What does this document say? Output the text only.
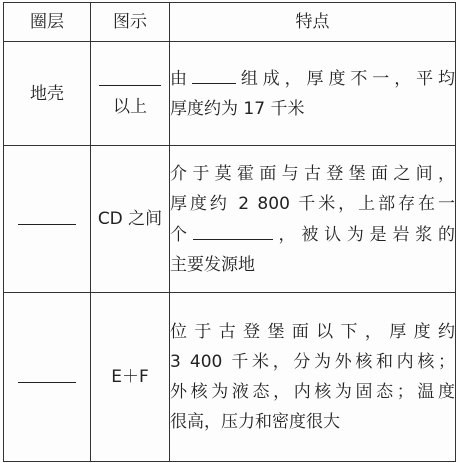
圈层	图示	特点
地壳	以上	由 组成，厚度不一，平均
厚度约为 17 千米

	CD 之间	介于莫霍面与古登堡面之间，
厚度约 2 800 千米，上部存在一
个 ，被认为是岩浆的
主要发源地

	E＋F	位于古登堡面以下，厚度约
3 400 千米，分为外核和内核；
外核为液态，内核为固态；温度
很高，压力和密度很大
